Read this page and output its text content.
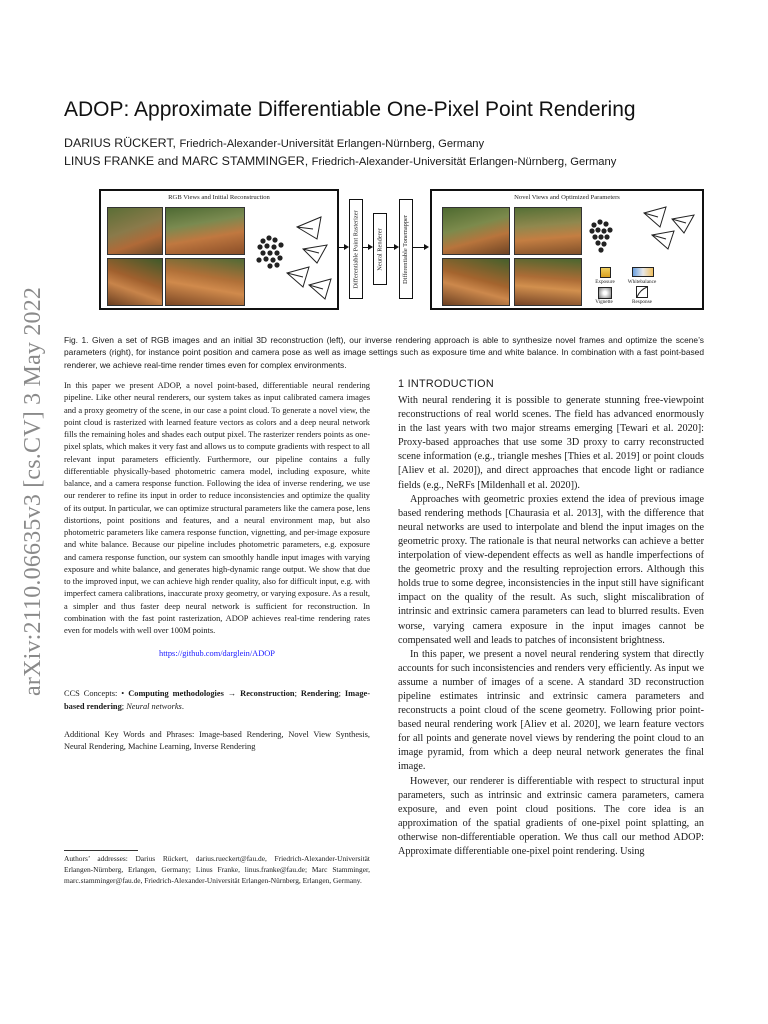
arXiv:2110.06635v3 [cs.CV] 3 May 2022
ADOP: Approximate Differentiable One-Pixel Point Rendering
DARIUS RÜCKERT, Friedrich-Alexander-Universität Erlangen-Nürnberg, Germany
LINUS FRANKE and MARC STAMMINGER, Friedrich-Alexander-Universität Erlangen-Nürnberg, Germany
RGB Views and Initial Reconstruction
Differentiable Point Rasterizer	Neural Renderer	Differentiable Tonemapper
Novel Views and Optimized Parameters
Exposure	Whitebalance
Vignette	Response
Fig. 1. Given a set of RGB images and an initial 3D reconstruction (left), our inverse rendering approach is able to synthesize novel frames and optimize the scene’s parameters (right), for instance point position and camera pose as well as image settings such as exposure time and white balance. In combination with a fast point-based renderer, we achieve real-time render times even for complex environments.

In this paper we present ADOP, a novel point-based, differentiable neural rendering pipeline. Like other neural renderers, our system takes as input calibrated camera images and a proxy geometry of the scene, in our case a point cloud. To generate a novel view, the point cloud is rasterized with learned feature vectors as colors and a deep neural network fills the remaining holes and shades each output pixel. The rasterizer renders points as one-pixel splats, which makes it very fast and allows us to compute gradients with respect to all relevant input parameters efficiently. Furthermore, our pipeline contains a fully differentiable physically-based photometric camera model, including exposure, white balance, and a camera response function. Following the idea of inverse rendering, we use our renderer to refine its input in order to reduce inconsistencies and optimize the quality of its output. In particular, we can optimize structural parameters like the camera pose, lens distortions, point positions and features, and a neural environment map, but also photometric parameters like camera response function, vignetting, and per-image exposure and white balance. Because our pipeline includes photometric parameters, e.g. exposure and camera response function, our system can smoothly handle input images with varying exposure and white balance, and generates high-dynamic range output. We show that due to the improved input, we can achieve high render quality, also for difficult input, e.g. with imperfect camera calibrations, inaccurate proxy geometry, or varying exposure. As a result, a simpler and thus faster deep neural network is sufficient for reconstruction. In combination with the fast point rasterization, ADOP achieves real-time rendering rates even for models with well over 100M points.

https://github.com/darglein/ADOP

CCS Concepts: • Computing methodologies → Reconstruction; Rendering; Image-based rendering; Neural networks.

Additional Key Words and Phrases: Image-based Rendering, Novel View Synthesis, Neural Rendering, Machine Learning, Inverse Rendering

Authors’ addresses: Darius Rückert, darius.rueckert@fau.de, Friedrich-Alexander-Universität Erlangen-Nürnberg, Erlangen, Germany; Linus Franke, linus.franke@fau.de; Marc Stamminger, marc.stamminger@fau.de, Friedrich-Alexander-Universität Erlangen-Nürnberg, Erlangen, Germany.
1 INTRODUCTION

With neural rendering it is possible to generate stunning free-viewpoint reconstructions of real world scenes. The field has advanced enormously in the last years with two major streams emerging [Tewari et al. 2020]: Proxy-based approaches that use some 3D proxy to carry reconstructed scene information (e.g., triangle meshes [Thies et al. 2019] or point clouds [Aliev et al. 2020]), and direct approaches that encode light or radiance fields (e.g., NeRFs [Mildenhall et al. 2020]).

Approaches with geometric proxies extend the idea of previous image based rendering methods [Chaurasia et al. 2013], with the difference that neural networks are used to interpolate and blend the input images on the geometric proxy. The rationale is that neural networks can achieve a better interpolation of view-dependent effects as well as handle imperfections of the geometric proxy and the resulting reprojection errors. Although this holds true to some degree, inconsistencies in the input still have significant impact on the quality of the result. As such, slight miscalibration of intrinsic and extrinsic camera parameters can lead to blurred results. Even worse, varying camera exposure in the input images cannot be compensated well and leads to patches of inconsistent brightness.

In this paper, we present a novel neural rendering system that directly accounts for such inconsistencies and renders very efficiently. As input we assume a number of images of a scene. A standard 3D reconstruction pipeline estimates intrinsic and extrinsic camera parameters and reconstructs a point cloud of the scene geometry. Following prior point-based neural rendering work [Aliev et al. 2020], we learn feature vectors for all points and generate novel views by rendering the point cloud to an image pyramid, from which a deep neural network generates the final image.

However, our renderer is differentiable with respect to structural input parameters, such as intrinsic and extrinsic camera parameters, camera exposure, and even point cloud positions. The core idea is an approximation of the spatial gradients of one-pixel point splatting, an otherwise non-differentiable operation. We thus call our method ADOP: Approximate differentiable one-pixel point rendering. Using
